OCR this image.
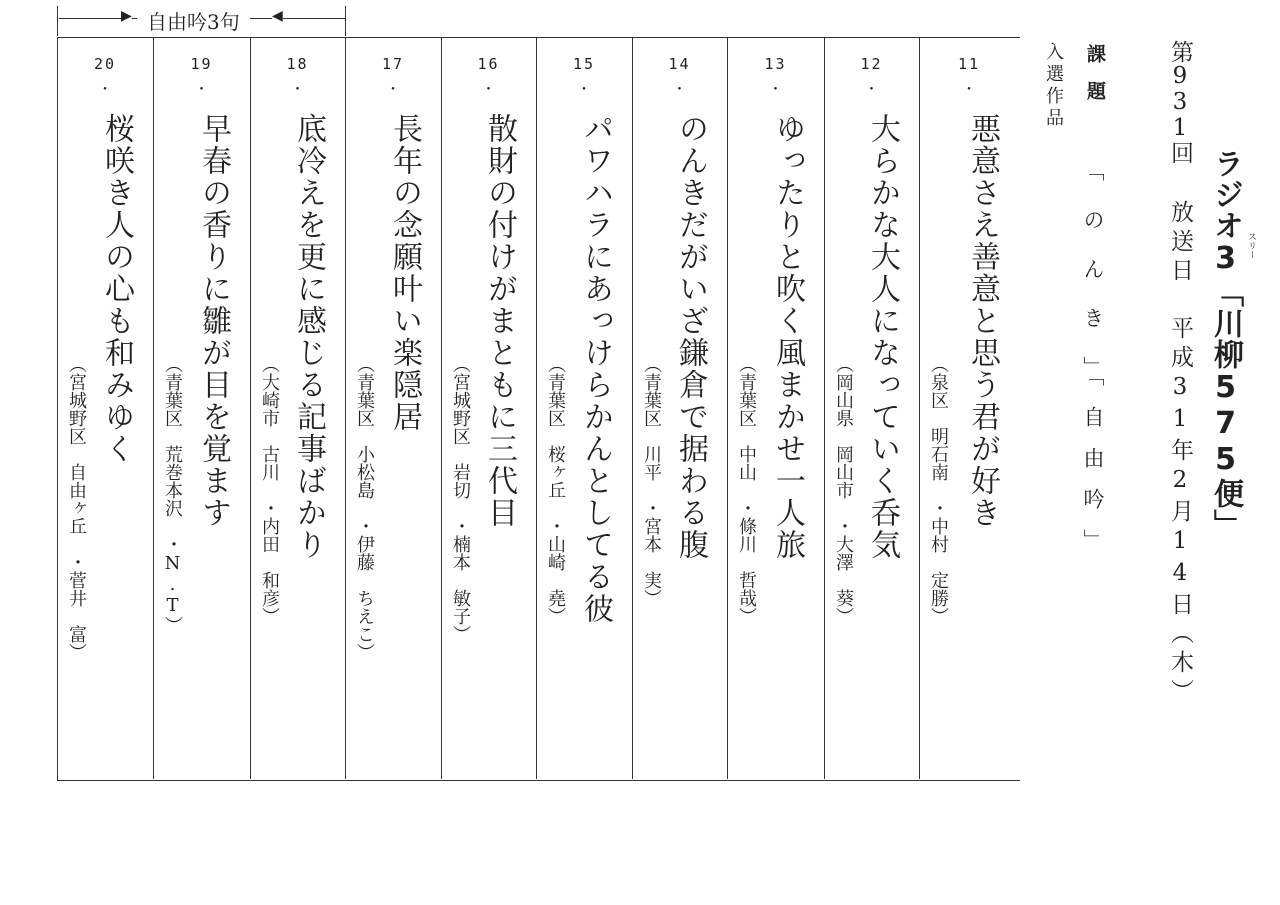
ラジオ3「川柳575便」 スリー
第931回
放送日　平成31年2月14日（木）
課題
「のんき」
「自由吟」
入選作品
▶	◀
自由吟3句
11
・
悪意さえ善意と思う君が好き
（泉区　明石南　・中村　定勝）
12
・
大らかな大人になっていく呑気
（岡山県　岡山市　・大澤　葵）
13
・
ゆったりと吹く風まかせ一人旅
（青葉区　中山　・條川　哲哉）
14
・
のんきだがいざ鎌倉で据わる腹
（青葉区　川平　・宮本　実）
15
・
パワハラにあっけらかんとしてる彼
（青葉区　桜ヶ丘　・山崎　堯）
16
・
散財の付けがまともに三代目
（宮城野区　岩切　・楠本　敏子）
17
・
長年の念願叶い楽隠居
（青葉区　小松島　・伊藤　ちえこ）
18
・
底冷えを更に感じる記事ばかり
（大崎市　古川　・内田　和彦）
19
・
早春の香りに雛が目を覚ます
（青葉区　荒巻本沢　・N.T）
20
・
桜咲き人の心も和みゆく
（宮城野区　自由ヶ丘　・菅井　富）
